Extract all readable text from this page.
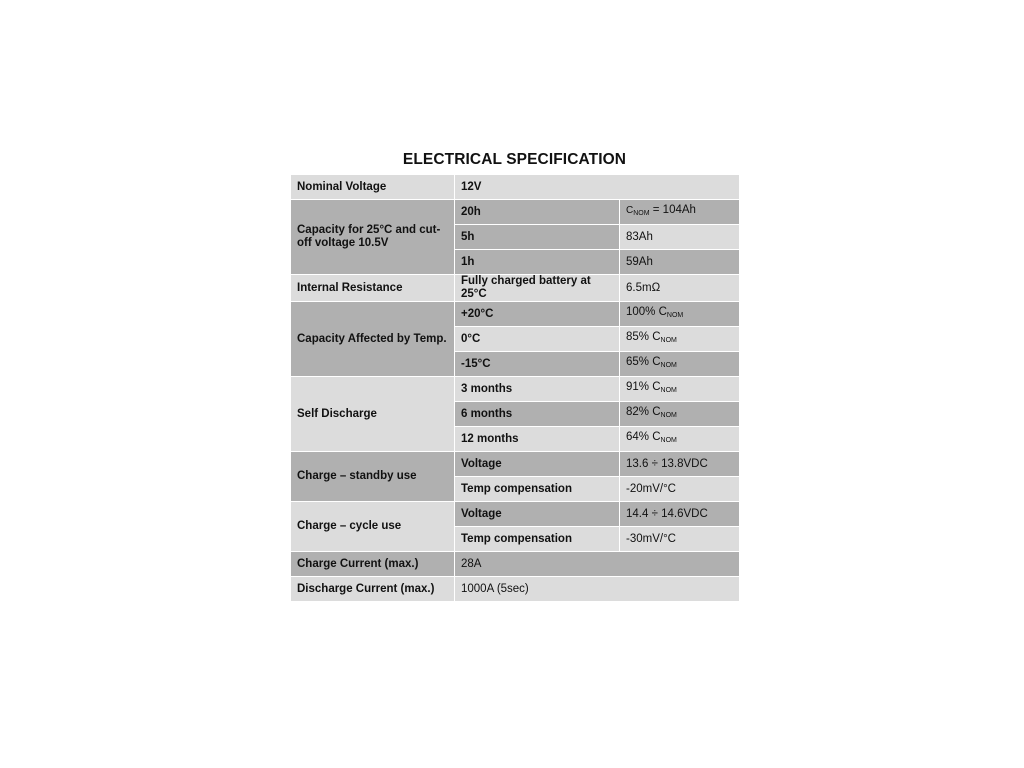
ELECTRICAL SPECIFICATION
Nominal Voltage	12V	
Capacity for 25°C and cut-off voltage 10.5V	20h	$C_{NOM} = 104Ah$
	5h	83Ah
	1h	59Ah
Internal Resistance	Fully charged battery at 25°C	6.5mΩ
Capacity Affected by Temp.	+20°C	100% $C_{NOM}$
	0°C	85% $C_{NOM}$
	-15°C	65% $C_{NOM}$
Self Discharge	3 months	91% $C_{NOM}$
	6 months	82% $C_{NOM}$
	12 months	64% $C_{NOM}$
Charge – standby use	Voltage	13.6 ÷ 13.8VDC
	Temp compensation	-20mV/°C
Charge – cycle use	Voltage	14.4 ÷ 14.6VDC
	Temp compensation	-30mV/°C
Charge Current (max.)	28A	
Discharge Current (max.)	1000A (5sec)	
